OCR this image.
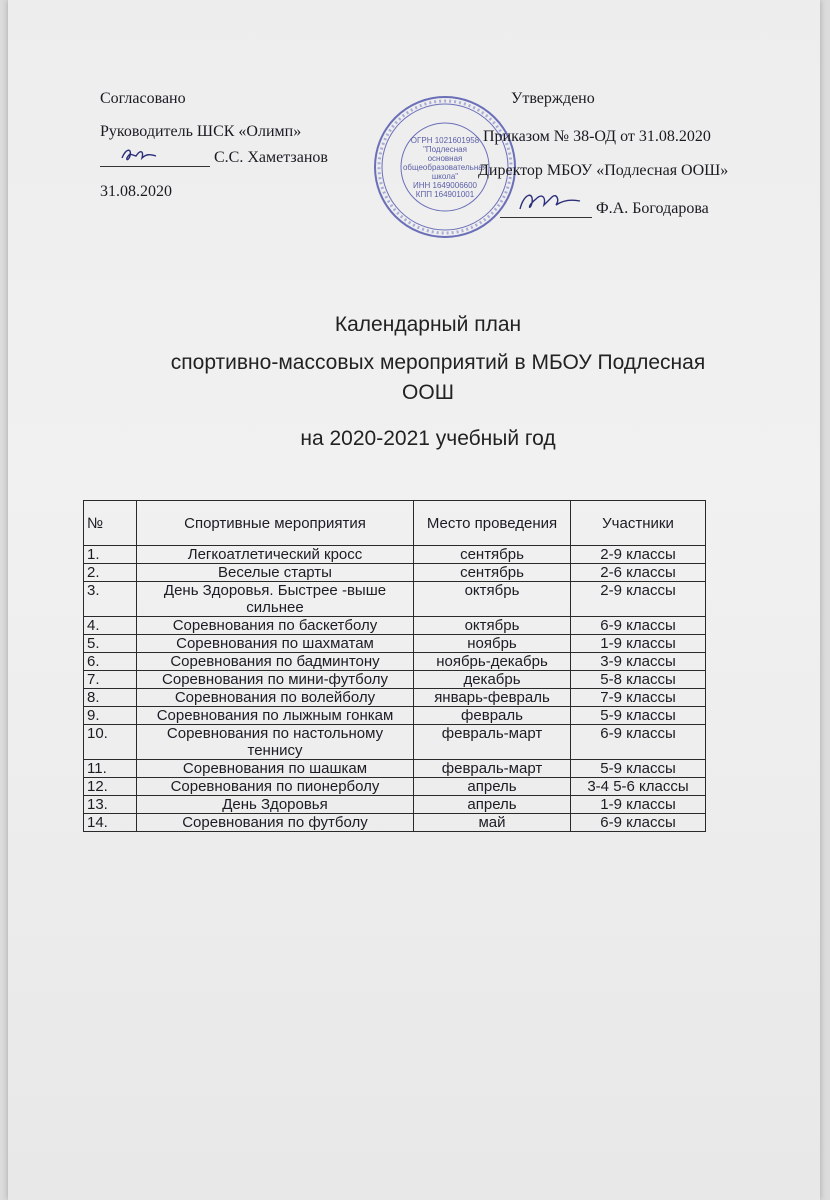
Согласовано
Руководитель ШСК «Олимп»
С.С. Хаметзанов
31.08.2020
ОГРН 1021601958
"Подлесная
основная
общеобразовательная
школа"
ИНН 1649006600
КПП 164901001
Утверждено
Приказом № 38-ОД от 31.08.2020
Директор МБОУ «Подлесная ООШ»
Ф.А. Богодарова
Календарный план
спортивно-массовых мероприятий в МБОУ Подлесная
ООШ
на 2020-2021 учебный год
№	Спортивные мероприятия	Место проведения	Участники
1.	Легкоатлетический кросс	сентябрь	2-9 классы
2.	Веселые старты	сентябрь	2-6 классы
3.	День Здоровья. Быстрее -выше сильнее	октябрь	2-9 классы
4.	Соревнования по баскетболу	октябрь	6-9 классы
5.	Соревнования по шахматам	ноябрь	1-9 классы
6.	Соревнования по бадминтону	ноябрь-декабрь	3-9 классы
7.	Соревнования по мини-футболу	декабрь	5-8 классы
8.	Соревнования по волейболу	январь-февраль	7-9 классы
9.	Соревнования по лыжным гонкам	февраль	5-9 классы
10.	Соревнования по настольному теннису	февраль-март	6-9 классы
11.	Соревнования по шашкам	февраль-март	5-9 классы
12.	Соревнования по пионерболу	апрель	3-4 5-6 классы
13.	День Здоровья	апрель	1-9 классы
14.	Соревнования по футболу	май	6-9 классы
